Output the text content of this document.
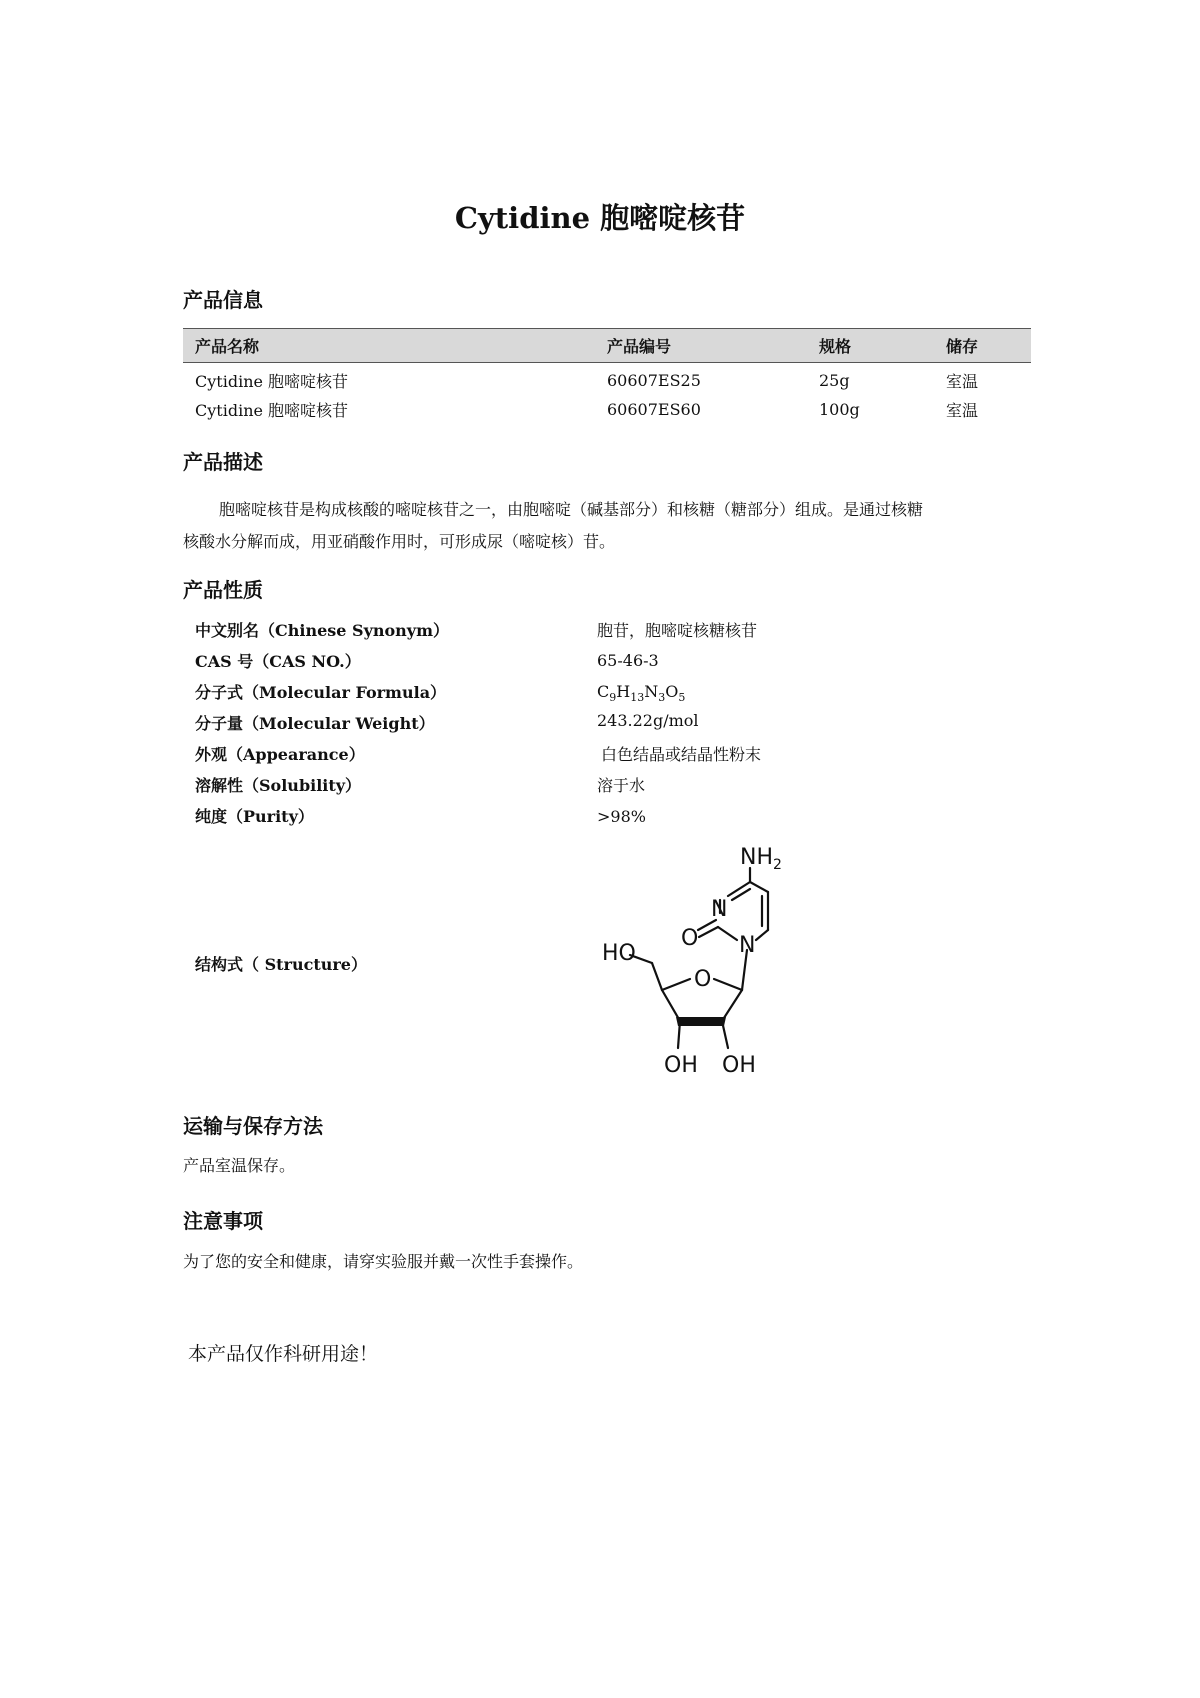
Cytidine 胞嘧啶核苷
产品信息
产品名称	产品编号	规格	储存
Cytidine 胞嘧啶核苷	60607ES25	25g	室温
Cytidine 胞嘧啶核苷	60607ES60	100g	室温
产品描述
胞嘧啶核苷是构成核酸的嘧啶核苷之一，由胞嘧啶（碱基部分）和核糖（糖部分）组成。是通过核糖
核酸水分解而成，用亚硝酸作用时，可形成尿（嘧啶核）苷。
产品性质
中文别名（Chinese Synonym）	胞苷，胞嘧啶核糖核苷
CAS 号（CAS NO.）	65-46-3
分子式（Molecular Formula）	$C_9H_{13}N_3O_5$
分子量（Molecular Weight）	243.22g/mol
外观（Appearance）	白色结晶或结晶性粉末
溶解性（Solubility）	溶于水
纯度（Purity）	>98%
结构式（ Structure）
$NH_2$
N
N
O
O
HO
OH OH
运输与保存方法
产品室温保存。
注意事项
为了您的安全和健康，请穿实验服并戴一次性手套操作。
本产品仅作科研用途！
